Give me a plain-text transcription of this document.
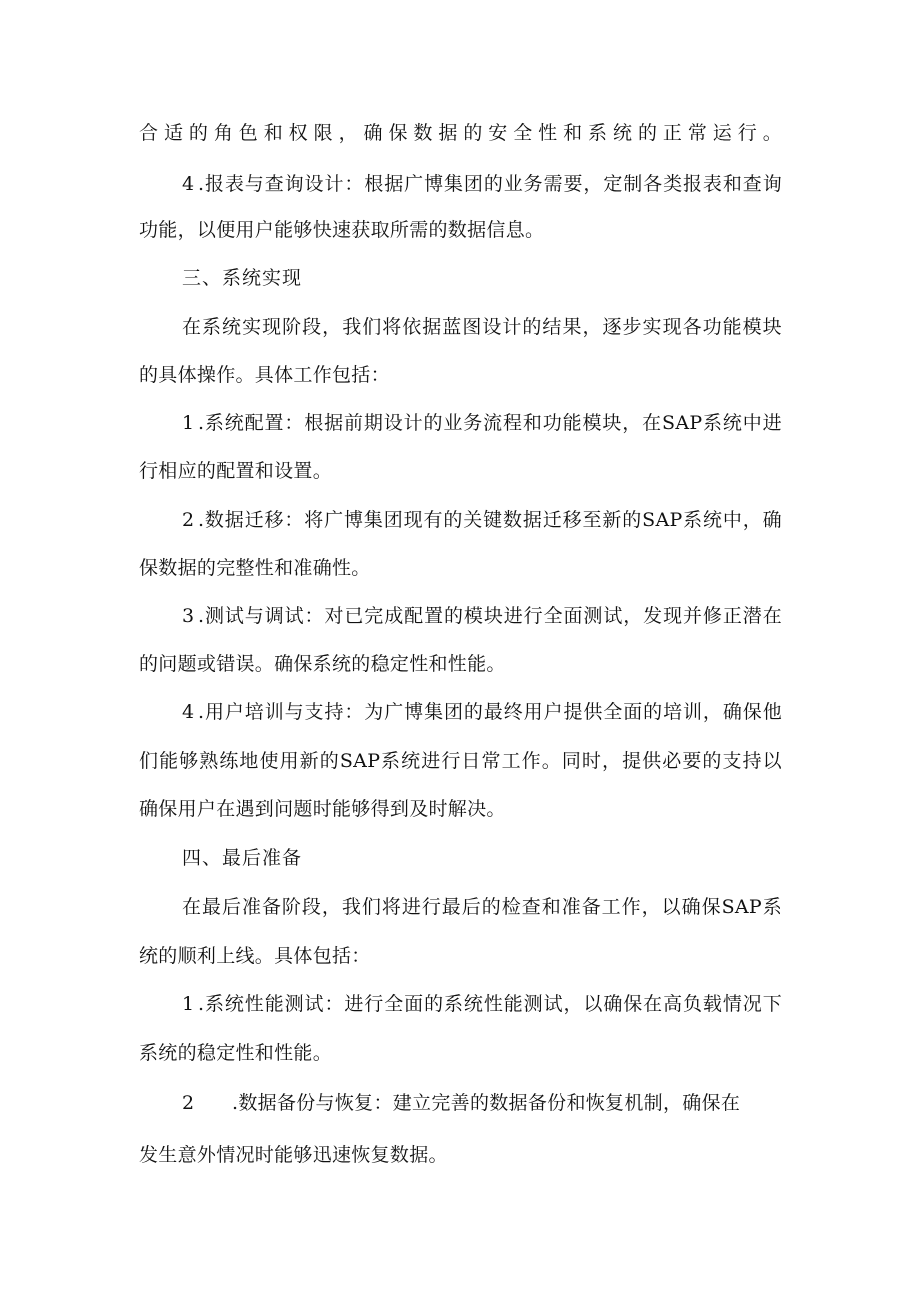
合适的角色和权限，确保数据的安全性和系统的正常运行。
4 .报表与查询设计：根据广博集团的业务需要，定制各类报表和查询
功能，以便用户能够快速获取所需的数据信息。
三、系统实现
在系统实现阶段，我们将依据蓝图设计的结果，逐步实现各功能模块
的具体操作。具体工作包括：
1 .系统配置：根据前期设计的业务流程和功能模块，在SAP系统中进
行相应的配置和设置。
2 .数据迁移：将广博集团现有的关键数据迁移至新的SAP系统中，确
保数据的完整性和准确性。
3 .测试与调试：对已完成配置的模块进行全面测试，发现并修正潜在
的问题或错误。确保系统的稳定性和性能。
4 .用户培训与支持：为广博集团的最终用户提供全面的培训，确保他
们能够熟练地使用新的SAP系统进行日常工作。同时，提供必要的支持以
确保用户在遇到问题时能够得到及时解决。
四、最后准备
在最后准备阶段，我们将进行最后的检查和准备工作，以确保SAP系
统的顺利上线。具体包括：
1 .系统性能测试：进行全面的系统性能测试，以确保在高负载情况下
系统的稳定性和性能。
2 .数据备份与恢复：建立完善的数据备份和恢复机制，确保在
发生意外情况时能够迅速恢复数据。
